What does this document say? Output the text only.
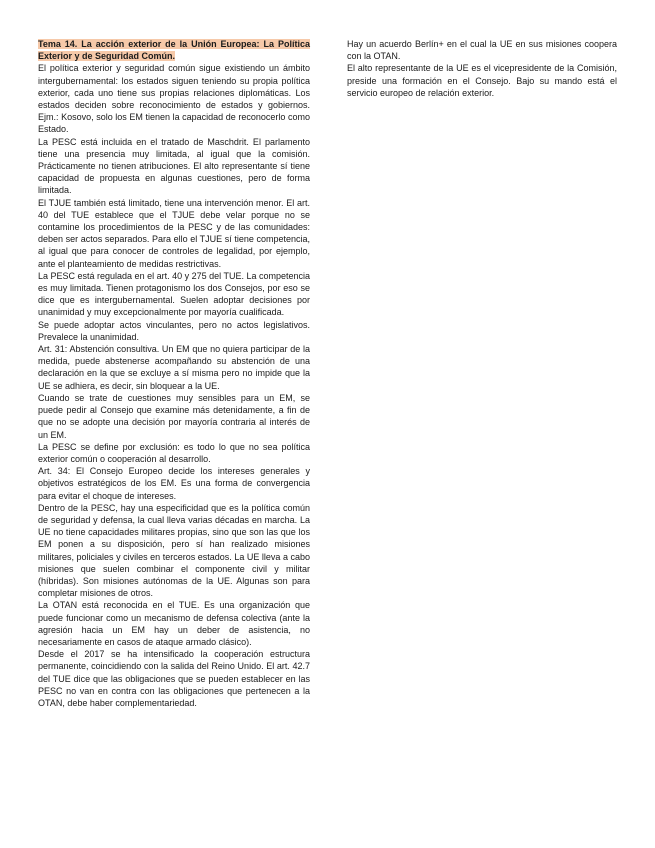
Tema 14. La acción exterior de la Unión Europea: La Política Exterior y de Seguridad Común.

El política exterior y seguridad común sigue existiendo un ámbito intergubernamental: los estados siguen teniendo su propia política exterior, cada uno tiene sus propias relaciones diplomáticas. Los estados deciden sobre reconocimiento de estados y gobiernos. Ejm.: Kosovo, solo los EM tienen la capacidad de reconocerlo como Estado.

La PESC está incluida en el tratado de Maschdrit. El parlamento tiene una presencia muy limitada, al igual que la comisión. Prácticamente no tienen atribuciones. El alto representante sí tiene capacidad de propuesta en algunas cuestiones, pero de forma limitada.

El TJUE también está limitado, tiene una intervención menor. El art. 40 del TUE establece que el TJUE debe velar porque no se contamine los procedimientos de la PESC y de las comunidades: deben ser actos separados. Para ello el TJUE sí tiene competencia, al igual que para conocer de controles de legalidad, por ejemplo, ante el planteamiento de medidas restrictivas.

La PESC está regulada en el art. 40 y 275 del TUE. La competencia es muy limitada. Tienen protagonismo los dos Consejos, por eso se dice que es intergubernamental. Suelen adoptar decisiones por unanimidad y muy excepcionalmente por mayoría cualificada.

Se puede adoptar actos vinculantes, pero no actos legislativos. Prevalece la unanimidad.

Art. 31: Abstención consultiva. Un EM que no quiera participar de la medida, puede abstenerse acompañando su abstención de una declaración en la que se excluye a sí misma pero no impide que la UE se adhiera, es decir, sin bloquear a la UE.

Cuando se trate de cuestiones muy sensibles para un EM, se puede pedir al Consejo que examine más detenidamente, a fin de que no se adopte una decisión por mayoría contraria al interés de un EM.

La PESC se define por exclusión: es todo lo que no sea política exterior común o cooperación al desarrollo.

Art. 34: El Consejo Europeo decide los intereses generales y objetivos estratégicos de los EM. Es una forma de convergencia para evitar el choque de intereses.

Dentro de la PESC, hay una especificidad que es la política común de seguridad y defensa, la cual lleva varias décadas en marcha. La UE no tiene capacidades militares propias, sino que son las que los EM ponen a su disposición, pero sí han realizado misiones militares, policiales y civiles en terceros estados. La UE lleva a cabo misiones que suelen combinar el componente civil y militar (híbridas). Son misiones autónomas de la UE. Algunas son para completar misiones de otros.

La OTAN está reconocida en el TUE. Es una organización que puede funcionar como un mecanismo de defensa colectiva (ante la agresión hacia un EM hay un deber de asistencia, no necesariamente en casos de ataque armado clásico).

Desde el 2017 se ha intensificado la cooperación estructura permanente, coincidiendo con la salida del Reino Unido. El art. 42.7 del TUE dice que las obligaciones que se pueden establecer en las PESC no van en contra con las obligaciones que pertenecen a la OTAN, debe haber complementariedad.

Hay un acuerdo Berlín+ en el cual la UE en sus misiones coopera con la OTAN.

El alto representante de la UE es el vicepresidente de la Comisión, preside una formación en el Consejo. Bajo su mando está el servicio europeo de relación exterior.
